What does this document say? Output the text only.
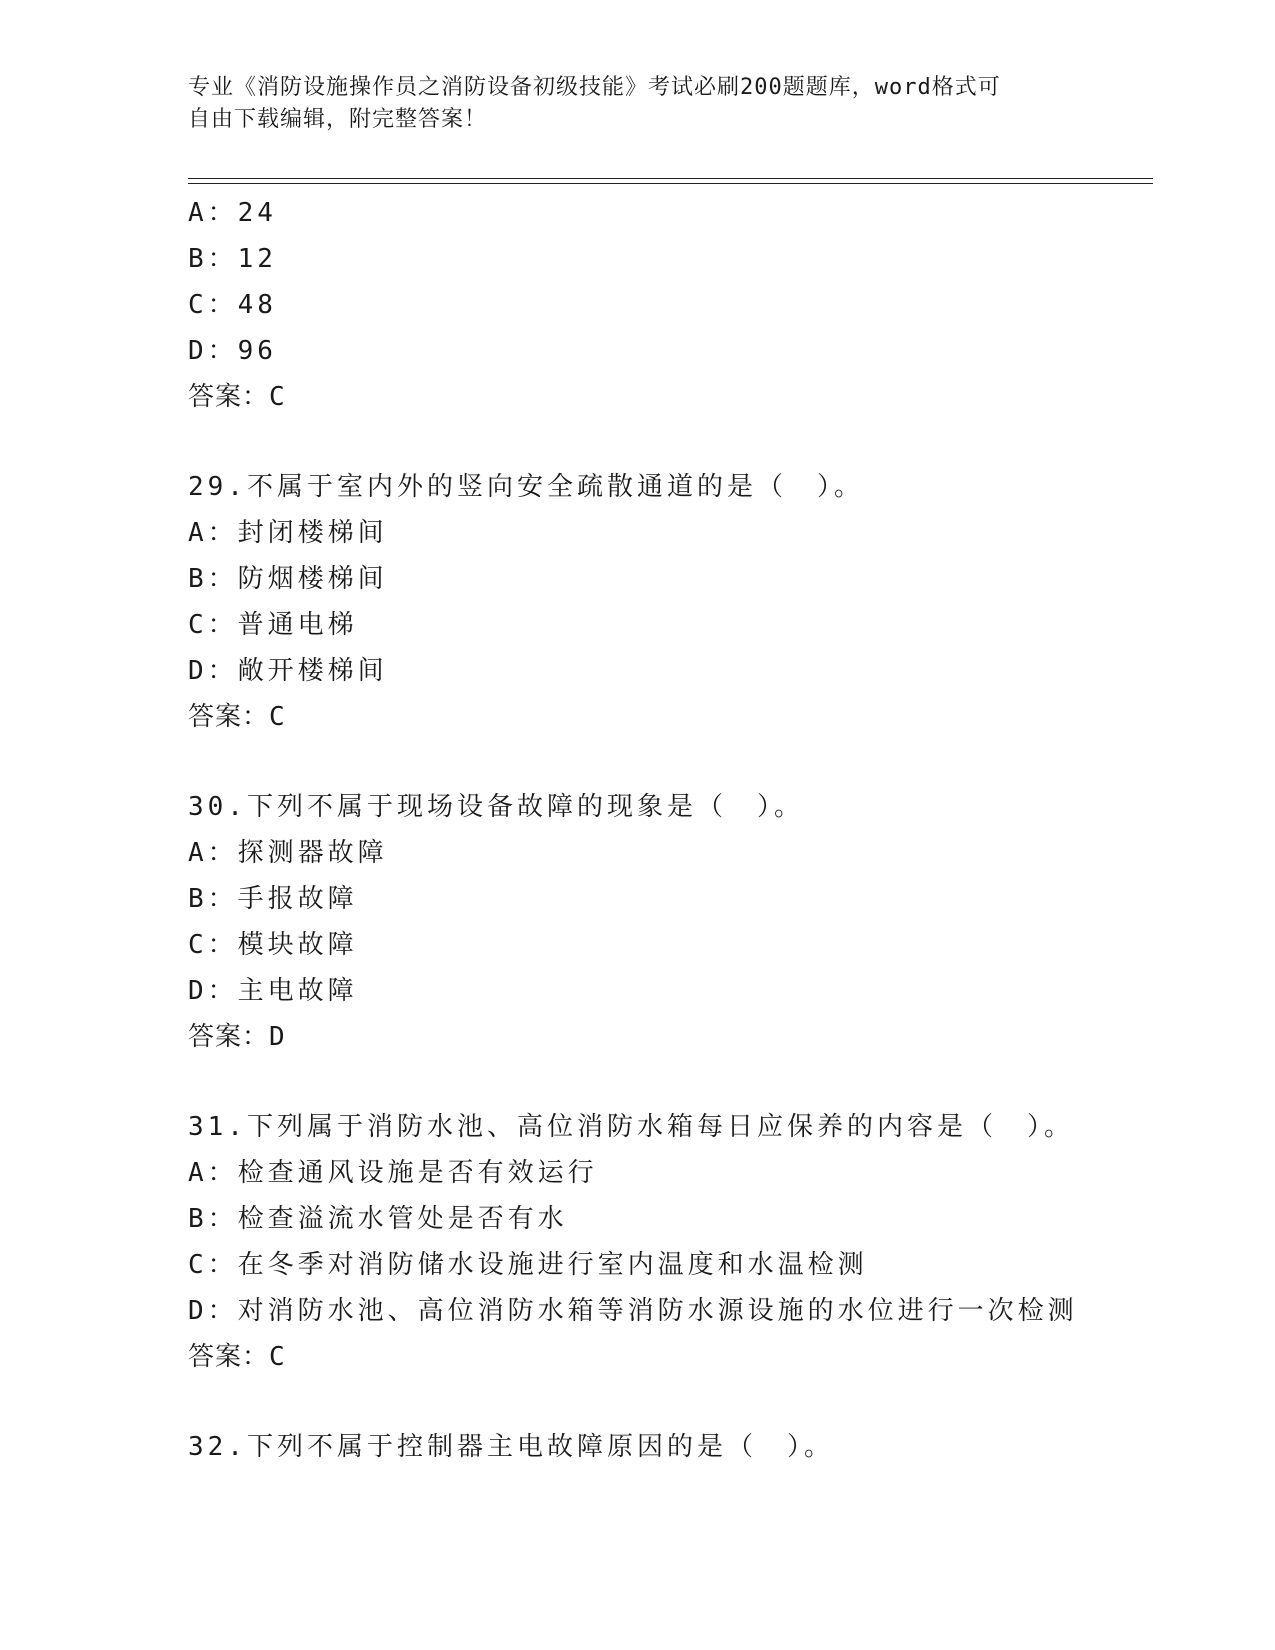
专业《消防设施操作员之消防设备初级技能》考试必刷200题题库，word格式可
自由下载编辑，附完整答案！
A：24
B：12
C：48
D：96
答案：C
29.不属于室内外的竖向安全疏散通道的是（　）。
A：封闭楼梯间
B：防烟楼梯间
C：普通电梯
D：敞开楼梯间
答案：C
30.下列不属于现场设备故障的现象是（　）。
A：探测器故障
B：手报故障
C：模块故障
D：主电故障
答案：D
31.下列属于消防水池、高位消防水箱每日应保养的内容是（　）。
A：检查通风设施是否有效运行
B：检查溢流水管处是否有水
C：在冬季对消防储水设施进行室内温度和水温检测
D：对消防水池、高位消防水箱等消防水源设施的水位进行一次检测
答案：C
32.下列不属于控制器主电故障原因的是（　）。
